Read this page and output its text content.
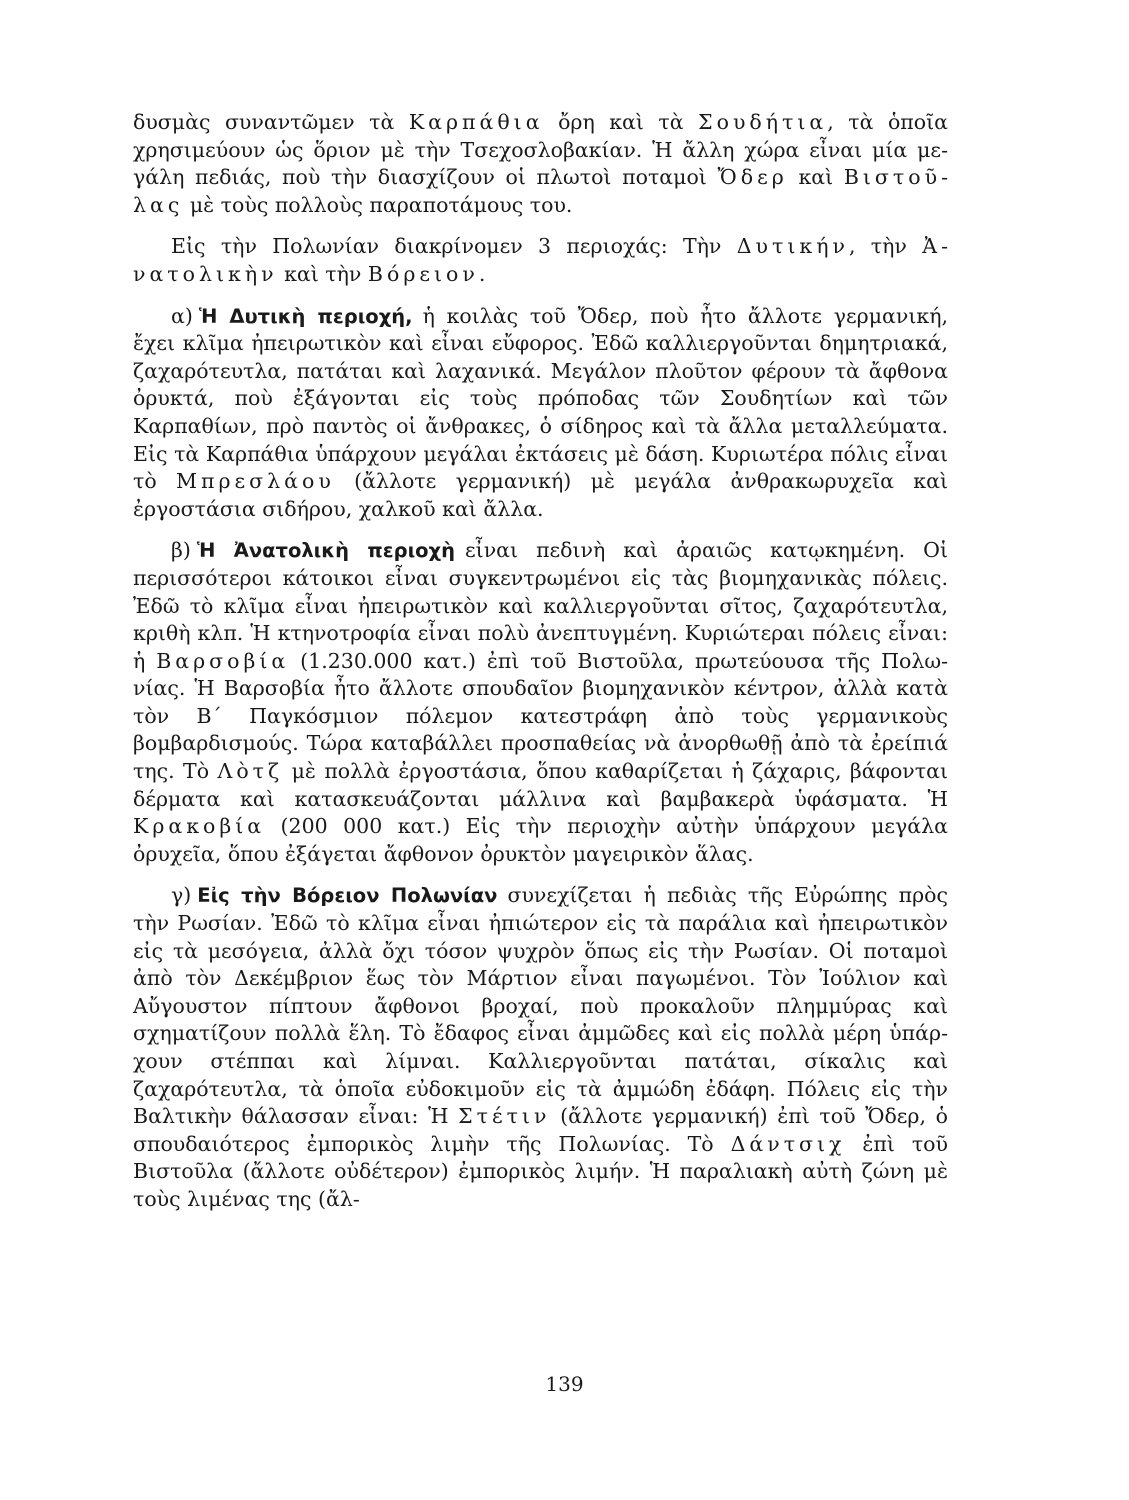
δυσμὰς συναντῶμεν τὰ Καρπάθια ὄρη καὶ τὰ Σουδήτια, τὰ ὁποῖα χρησιμεύουν ὡς ὅριον μὲ τὴν Τσεχοσλοβακίαν. Ἡ ἄλλη χώρα εἶναι μία μεγάλη πεδιάς, ποὺ τὴν διασχίζουν οἱ πλωτοὶ ποταμοὶ Ὄδερ καὶ Βιστοῦλας μὲ τοὺς πολλοὺς παραποτάμους του.

Εἰς τὴν Πολωνίαν διακρίνομεν 3 περιοχάς: Τὴν Δυτικήν, τὴν Ἀνατολικὴν καὶ τὴν Βόρειον.

α) Ἡ Δυτικὴ περιοχή, ἡ κοιλὰς τοῦ Ὄδερ, ποὺ ἦτο ἄλλοτε γερμανική, ἔχει κλῖμα ἠπειρωτικὸν καὶ εἶναι εὔφορος. Ἐδῶ καλλιεργοῦνται δημητριακά, ζαχαρότευτλα, πατάται καὶ λαχανικά. Μεγάλον πλοῦτον φέρουν τὰ ἄφθονα ὀρυκτά, ποὺ ἐξάγονται εἰς τοὺς πρόποδας τῶν Σουδητίων καὶ τῶν Καρπαθίων, πρὸ παντὸς οἱ ἄνθρακες, ὁ σίδηρος καὶ τὰ ἄλλα μεταλλεύματα. Εἰς τὰ Καρπάθια ὑπάρχουν μεγάλαι ἐκτάσεις μὲ δάση. Κυριωτέρα πόλις εἶναι τὸ Μπρεσλάου (ἄλλοτε γερμανική) μὲ μεγάλα ἀνθρακωρυχεῖα καὶ ἐργοστάσια σιδήρου, χαλκοῦ καὶ ἄλλα.

β) Ἡ Ἀνατολικὴ περιοχὴ εἶναι πεδινὴ καὶ ἀραιῶς κατῳκημένη. Οἱ περισσότεροι κάτοικοι εἶναι συγκεντρωμένοι εἰς τὰς βιομηχανικὰς πόλεις. Ἐδῶ τὸ κλῖμα εἶναι ἠπειρωτικὸν καὶ καλλιεργοῦνται σῖτος, ζαχαρότευτλα, κριθὴ κλπ. Ἡ κτηνοτροφία εἶναι πολὺ ἀνεπτυγμένη. Κυριώτεραι πόλεις εἶναι: ἡ Βαρσοβία (1.230.000 κατ.) ἐπὶ τοῦ Βιστοῦλα, πρωτεύουσα τῆς Πολωνίας. Ἡ Βαρσοβία ἦτο ἄλλοτε σπουδαῖον βιομηχανικὸν κέντρον, ἀλλὰ κατὰ τὸν Β΄ Παγκόσμιον πόλεμον κατεστράφη ἀπὸ τοὺς γερμανικοὺς βομβαρδισμούς. Τώρα καταβάλλει προσπαθείας νὰ ἀνορθωθῇ ἀπὸ τὰ ἐρείπιά της. Τὸ Λὸτζ μὲ πολλὰ ἐργοστάσια, ὅπου καθαρίζεται ἡ ζάχαρις, βάφονται δέρματα καὶ κατασκευάζονται μάλλινα καὶ βαμβακερὰ ὑφάσματα. Ἡ Κρακοβία (200 000 κατ.) Εἰς τὴν περιοχὴν αὐτὴν ὑπάρχουν μεγάλα ὀρυχεῖα, ὅπου ἐξάγεται ἄφθονον ὀρυκτὸν μαγειρικὸν ἅλας.

γ) Εἰς τὴν Βόρειον Πολωνίαν συνεχίζεται ἡ πεδιὰς τῆς Εὐρώπης πρὸς τὴν Ρωσίαν. Ἐδῶ τὸ κλῖμα εἶναι ἠπιώτερον εἰς τὰ παράλια καὶ ἠπειρωτικὸν εἰς τὰ μεσόγεια, ἀλλὰ ὄχι τόσον ψυχρὸν ὅπως εἰς τὴν Ρωσίαν. Οἱ ποταμοὶ ἀπὸ τὸν Δεκέμβριον ἕως τὸν Μάρτιον εἶναι παγωμένοι. Τὸν Ἰούλιον καὶ Αὔγουστον πίπτουν ἄφθονοι βροχαί, ποὺ προκαλοῦν πλημμύρας καὶ σχηματίζουν πολλὰ ἕλη. Τὸ ἔδαφος εἶναι ἀμμῶδες καὶ εἰς πολλὰ μέρη ὑπάρχουν στέππαι καὶ λίμναι. Καλλιεργοῦνται πατάται, σίκαλις καὶ ζαχαρότευτλα, τὰ ὁποῖα εὐδοκιμοῦν εἰς τὰ ἀμμώδη ἐδάφη. Πόλεις εἰς τὴν Βαλτικὴν θάλασσαν εἶναι: Ἡ Στέτιν (ἄλλοτε γερμανική) ἐπὶ τοῦ Ὄδερ, ὁ σπουδαιότερος ἐμπορικὸς λιμὴν τῆς Πολωνίας. Τὸ Δάντσιχ ἐπὶ τοῦ Βιστοῦλα (ἄλλοτε οὐδέτερον) ἐμπορικὸς λιμήν. Ἡ παραλιακὴ αὐτὴ ζώνη μὲ τοὺς λιμένας της (ἄλ-

139
